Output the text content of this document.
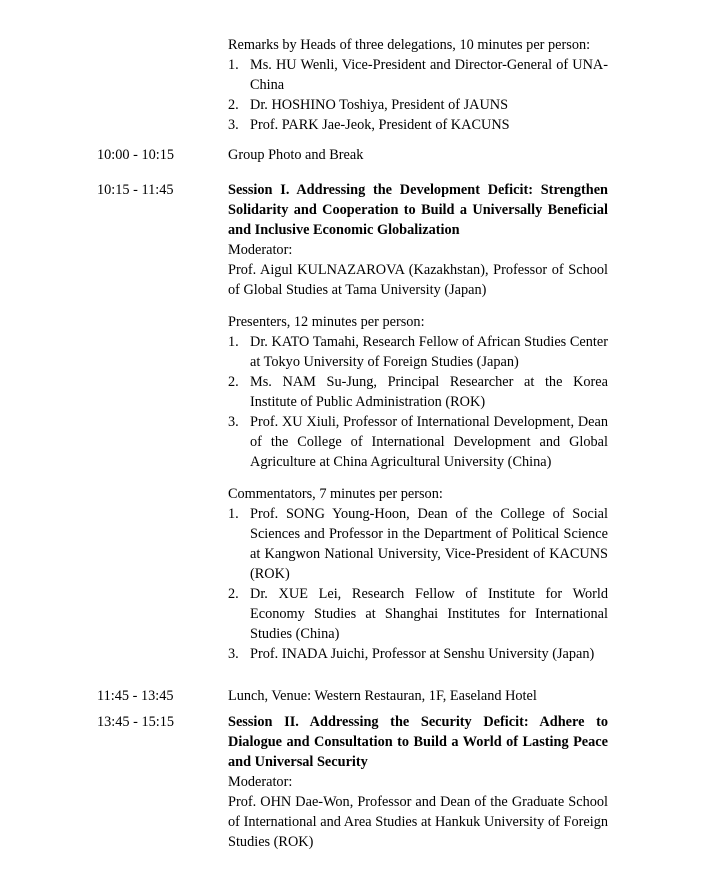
Remarks by Heads of three delegations, 10 minutes per person:
1. Ms. HU Wenli, Vice-President and Director-General of UNA-China
2. Dr. HOSHINO Toshiya, President of JAUNS
3. Prof. PARK Jae-Jeok, President of KACUNS
10:00 - 10:15	Group Photo and Break
10:15 - 11:45	Session I. Addressing the Development Deficit: Strengthen Solidarity and Cooperation to Build a Universally Beneficial and Inclusive Economic Globalization
Moderator:
Prof. Aigul KULNAZAROVA (Kazakhstan), Professor of School of Global Studies at Tama University (Japan)
Presenters, 12 minutes per person:
1. Dr. KATO Tamahi, Research Fellow of African Studies Center at Tokyo University of Foreign Studies (Japan)
2. Ms. NAM Su-Jung, Principal Researcher at the Korea Institute of Public Administration (ROK)
3. Prof. XU Xiuli, Professor of International Development, Dean of the College of International Development and Global Agriculture at China Agricultural University (China)
Commentators, 7 minutes per person:
1. Prof. SONG Young-Hoon, Dean of the College of Social Sciences and Professor in the Department of Political Science at Kangwon National University, Vice-President of KACUNS (ROK)
2. Dr. XUE Lei, Research Fellow of Institute for World Economy Studies at Shanghai Institutes for International Studies (China)
3. Prof. INADA Juichi, Professor at Senshu University (Japan)
11:45 - 13:45	Lunch, Venue: Western Restauran, 1F, Easeland Hotel
13:45 - 15:15	Session II. Addressing the Security Deficit: Adhere to Dialogue and Consultation to Build a World of Lasting Peace and Universal Security
Moderator:
Prof. OHN Dae-Won, Professor and Dean of the Graduate School of International and Area Studies at Hankuk University of Foreign Studies (ROK)
